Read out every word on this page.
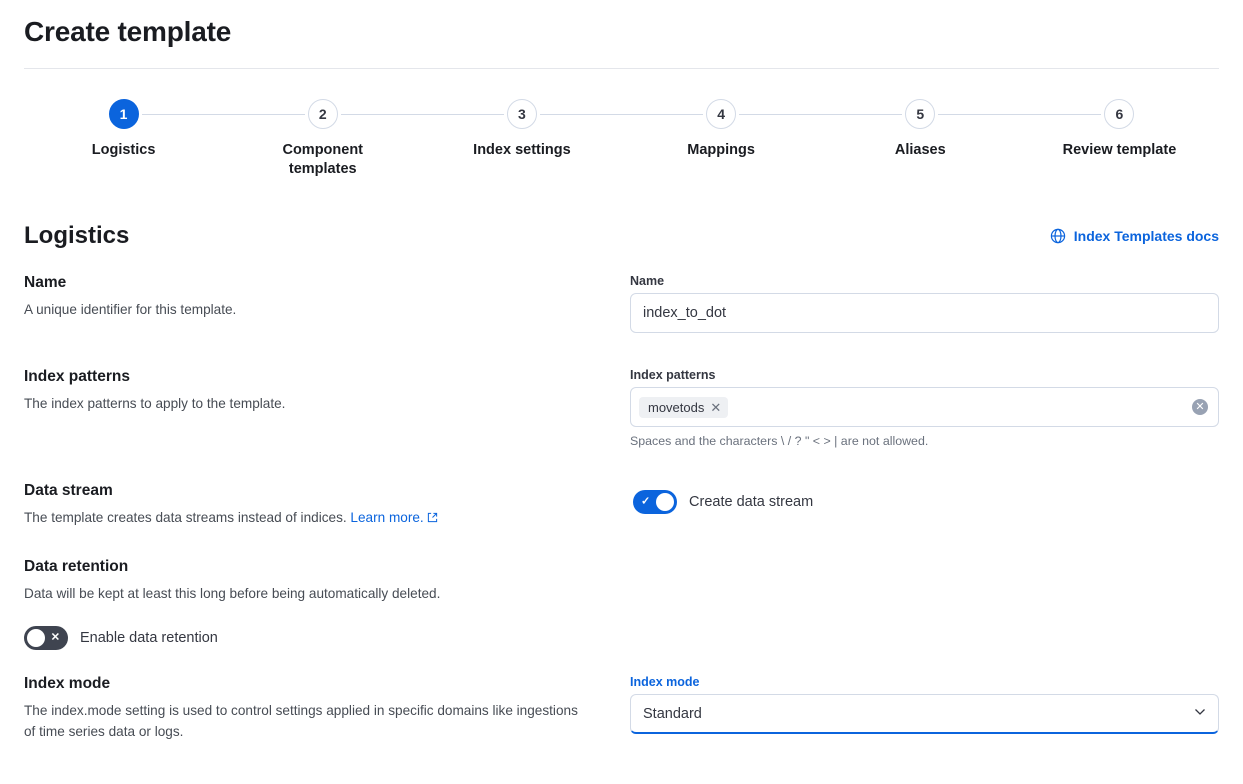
Create template
1
Logistics
2
Component templates
3
Index settings
4
Mappings
5
Aliases
6
Review template
Logistics	Index Templates docs
Name
A unique identifier for this template.
Name
index_to_dot
Index patterns
The index patterns to apply to the template.
Index patterns
movetods ✕	✕
Spaces and the characters \ / ? " < > | are not allowed.
Data stream
The template creates data streams instead of indices. Learn more.
✓	Create data stream
Data retention
Data will be kept at least this long before being automatically deleted.
✕ Enable data retention
Index mode
The index.mode setting is used to control settings applied in specific domains like ingestions of time series data or logs.
Index mode
Standard
